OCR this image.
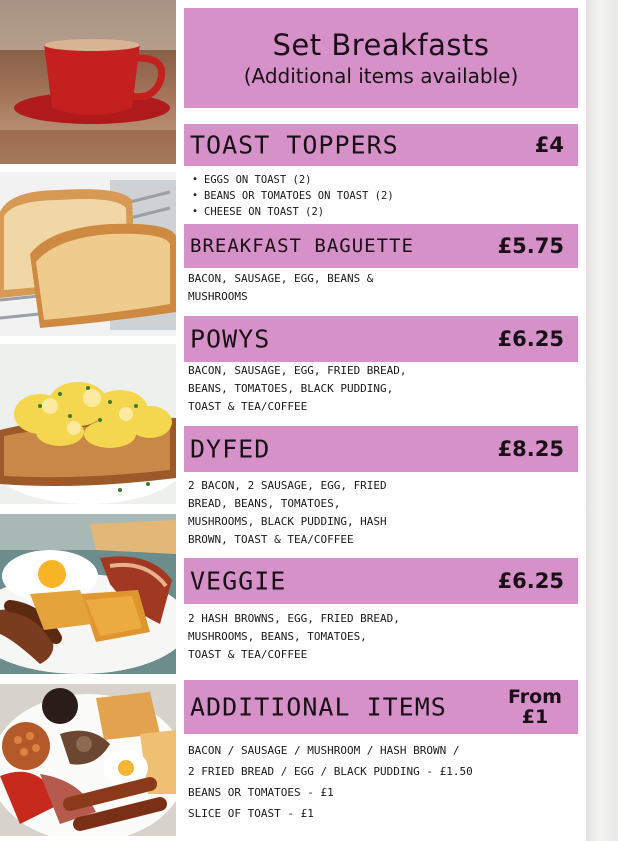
Set Breakfasts
(Additional items available)
TOAST TOPPERS	£4
• EGGS ON TOAST (2)
• BEANS OR TOMATOES ON TOAST (2)
• CHEESE ON TOAST (2)
BREAKFAST BAGUETTE	£5.75
BACON, SAUSAGE, EGG, BEANS &
MUSHROOMS
POWYS	£6.25
BACON, SAUSAGE, EGG, FRIED BREAD,
BEANS, TOMATOES, BLACK PUDDING,
TOAST & TEA/COFFEE
DYFED	£8.25
2 BACON, 2 SAUSAGE, EGG, FRIED
BREAD, BEANS, TOMATOES,
MUSHROOMS, BLACK PUDDING, HASH
BROWN, TOAST & TEA/COFFEE
VEGGIE	£6.25
2 HASH BROWNS, EGG, FRIED BREAD,
MUSHROOMS, BEANS, TOMATOES,
TOAST & TEA/COFFEE
ADDITIONAL ITEMS	From
£1
BACON / SAUSAGE / MUSHROOM / HASH BROWN /
2 FRIED BREAD / EGG / BLACK PUDDING - £1.50
BEANS OR TOMATOES - £1
SLICE OF TOAST - £1
